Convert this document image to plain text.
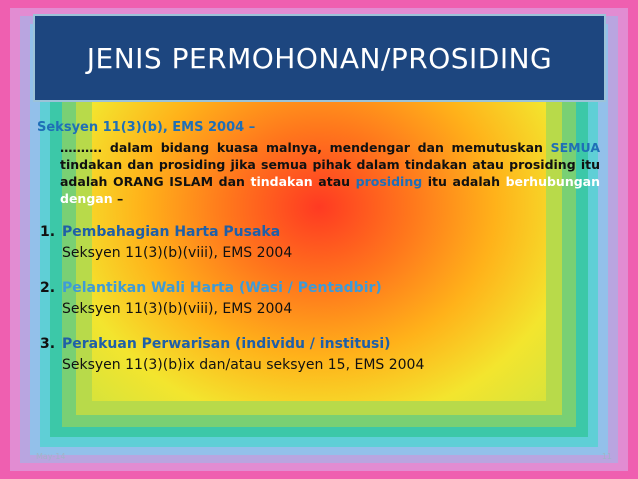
JENIS PERMOHONAN/PROSIDING
Seksyen 11(3)(b), EMS 2004 –
………. dalam bidang kuasa malnya, mendengar dan memutuskan SEMUA tindakan dan prosiding jika semua pihak dalam tindakan atau prosiding itu adalah ORANG ISLAM dan tindakan atau prosiding itu adalah berhubungan dengan –
1. Pembahagian Harta Pusaka
Seksyen 11(3)(b)(viii), EMS 2004
2. Pelantikan Wali Harta (Wasi / Pentadbir)
Seksyen 11(3)(b)(viii), EMS 2004
3. Perakuan Perwarisan (individu / institusi)
Seksyen 11(3)(b)ix dan/atau seksyen 15, EMS 2004
May-14	11
